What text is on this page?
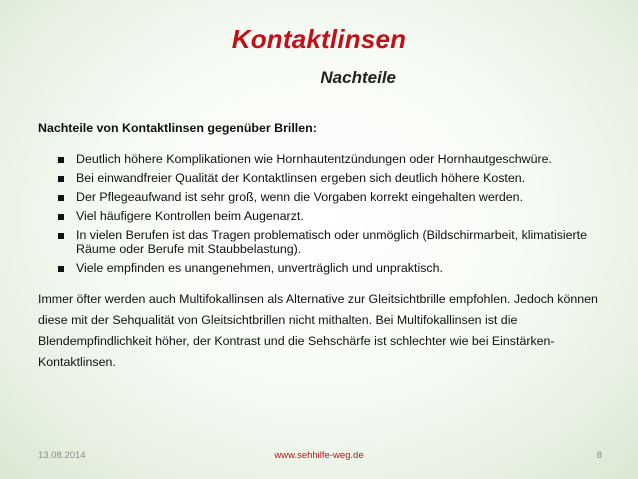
Kontaktlinsen
Nachteile

Nachteile von Kontaktlinsen gegenüber Brillen:

Deutlich höhere Komplikationen wie Hornhautentzündungen oder Hornhautgeschwüre.
Bei einwandfreier Qualität der Kontaktlinsen ergeben sich deutlich höhere Kosten.
Der Pflegeaufwand ist sehr groß, wenn die Vorgaben korrekt eingehalten werden.
Viel häufigere Kontrollen beim Augenarzt.
In vielen Berufen ist das Tragen problematisch oder unmöglich (Bildschirmarbeit, klimatisierte Räume oder Berufe mit Staubbelastung).
Viele empfinden es unangenehmen, unverträglich und unpraktisch.

Immer öfter werden auch Multifokallinsen als Alternative zur Gleitsichtbrille empfohlen. Jedoch können diese mit der Sehqualität von Gleitsichtbrillen nicht mithalten. Bei Multifokallinsen ist die Blendempfindlichkeit höher, der Kontrast und die Sehschärfe ist schlechter wie bei Einstärken-Kontaktlinsen.

13.08.2014	www.sehhilfe-weg.de	8
